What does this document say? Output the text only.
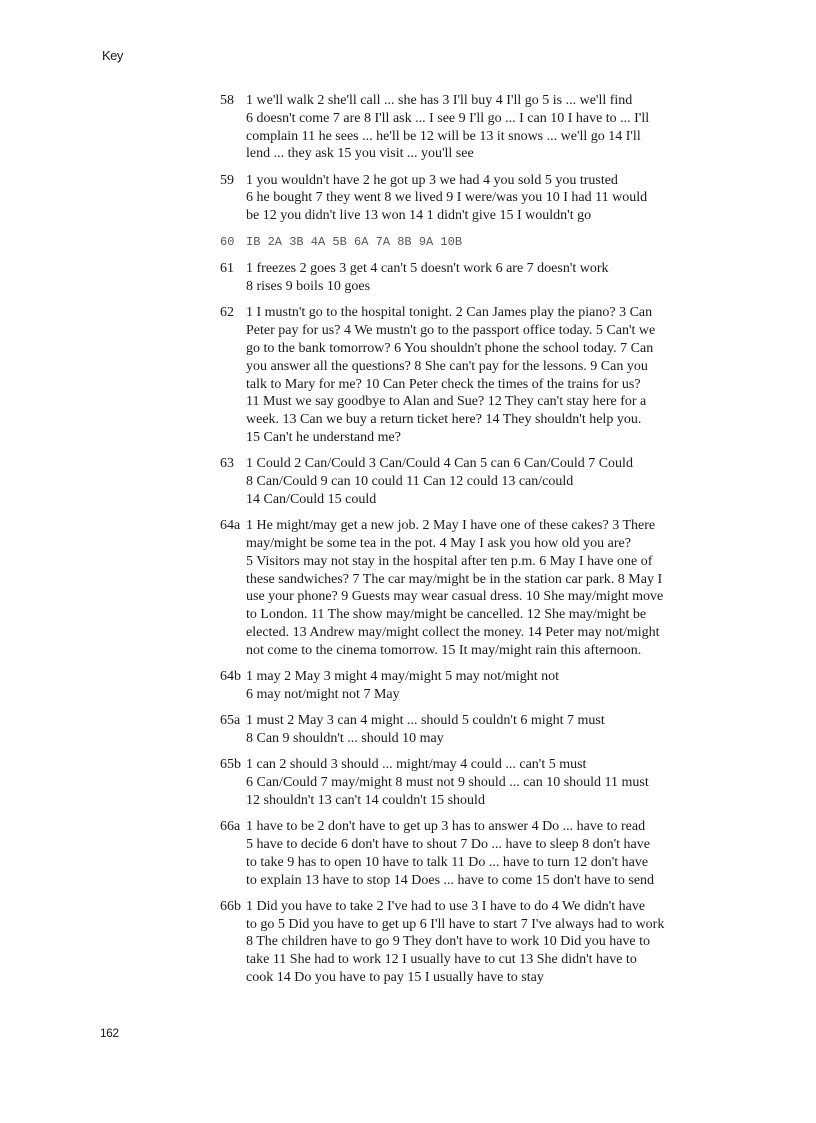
Key
58 1 we'll walk 2 she'll call ... she has 3 I'll buy 4 I'll go 5 is ... we'll find
6 doesn't come 7 are 8 I'll ask ... I see 9 I'll go ... I can 10 I have to ... I'll
complain 11 he sees ... he'll be 12 will be 13 it snows ... we'll go 14 I'll
lend ... they ask 15 you visit ... you'll see
59 1 you wouldn't have 2 he got up 3 we had 4 you sold 5 you trusted
6 he bought 7 they went 8 we lived 9 I were/was you 10 I had 11 would
be 12 you didn't live 13 won 14 1 didn't give 15 I wouldn't go
60 IB 2A 3B 4A 5B 6A 7A 8B 9A 10B
61 1 freezes 2 goes 3 get 4 can't 5 doesn't work 6 are 7 doesn't work
8 rises 9 boils 10 goes
62 1 I mustn't go to the hospital tonight. 2 Can James play the piano? 3 Can
Peter pay for us? 4 We mustn't go to the passport office today. 5 Can't we
go to the bank tomorrow? 6 You shouldn't phone the school today. 7 Can
you answer all the questions? 8 She can't pay for the lessons. 9 Can you
talk to Mary for me? 10 Can Peter check the times of the trains for us?
11 Must we say goodbye to Alan and Sue? 12 They can't stay here for a
week. 13 Can we buy a return ticket here? 14 They shouldn't help you.
15 Can't he understand me?
63 1 Could 2 Can/Could 3 Can/Could 4 Can 5 can 6 Can/Could 7 Could
8 Can/Could 9 can 10 could 11 Can 12 could 13 can/could
14 Can/Could 15 could
64a 1 He might/may get a new job. 2 May I have one of these cakes? 3 There
may/might be some tea in the pot. 4 May I ask you how old you are?
5 Visitors may not stay in the hospital after ten p.m. 6 May I have one of
these sandwiches? 7 The car may/might be in the station car park. 8 May I
use your phone? 9 Guests may wear casual dress. 10 She may/might move
to London. 11 The show may/might be cancelled. 12 She may/might be
elected. 13 Andrew may/might collect the money. 14 Peter may not/might
not come to the cinema tomorrow. 15 It may/might rain this afternoon.
64b 1 may 2 May 3 might 4 may/might 5 may not/might not
6 may not/might not 7 May
65a 1 must 2 May 3 can 4 might ... should 5 couldn't 6 might 7 must
8 Can 9 shouldn't ... should 10 may
65b 1 can 2 should 3 should ... might/may 4 could ... can't 5 must
6 Can/Could 7 may/might 8 must not 9 should ... can 10 should 11 must
12 shouldn't 13 can't 14 couldn't 15 should
66a 1 have to be 2 don't have to get up 3 has to answer 4 Do ... have to read
5 have to decide 6 don't have to shout 7 Do ... have to sleep 8 don't have
to take 9 has to open 10 have to talk 11 Do ... have to turn 12 don't have
to explain 13 have to stop 14 Does ... have to come 15 don't have to send
66b 1 Did you have to take 2 I've had to use 3 I have to do 4 We didn't have
to go 5 Did you have to get up 6 I'll have to start 7 I've always had to work
8 The children have to go 9 They don't have to work 10 Did you have to
take 11 She had to work 12 I usually have to cut 13 She didn't have to
cook 14 Do you have to pay 15 I usually have to stay
162
